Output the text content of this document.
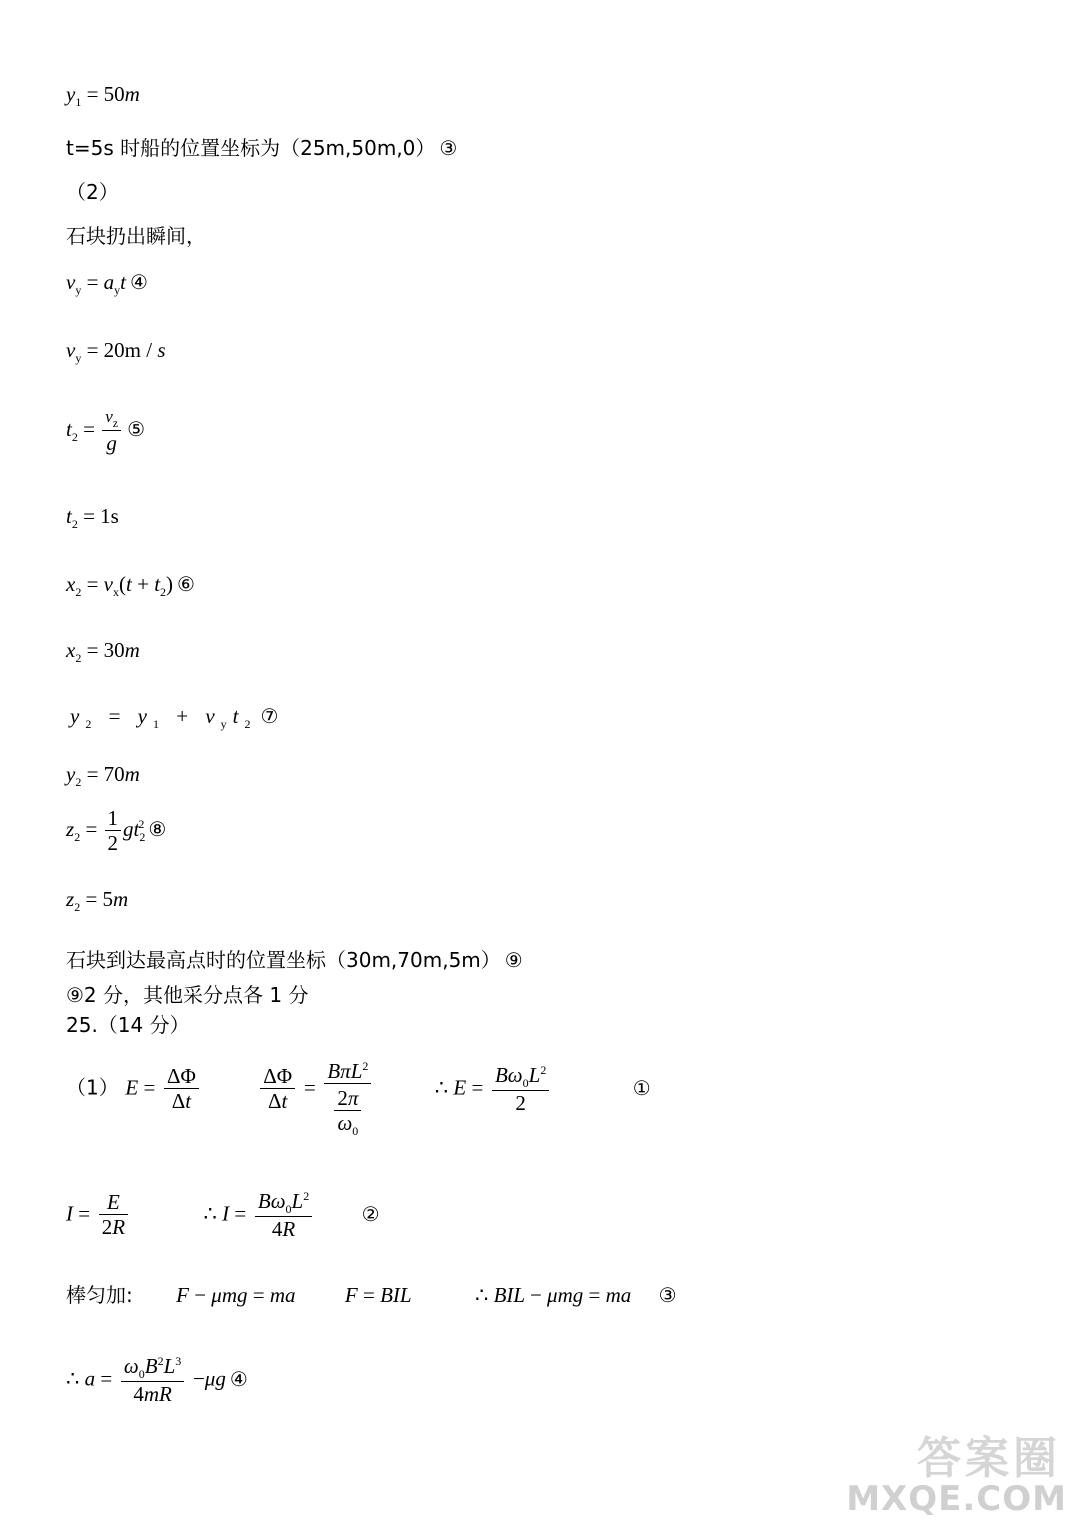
$y_1 = 50m$
t=5s 时船的位置坐标为（25m,50m,0） ③
（2）
石块扔出瞬间，
$v_y = a_yt$ ④
$v_y = 20m / s$
$t_2 = \frac{v_z}{g}$ ⑤
$t_2 = 1s$
$x_2 = v_x(t + t_2)$ ⑥
$x_2 = 30m$
$y_2 = y_1 + v_yt_2$ ⑦
$y_2 = 70m$
$z_2 = \frac{1}{2} gt_2^2$ ⑧
$z_2 = 5m$
石块到达最高点时的位置坐标（30m,70m,5m） ⑨
⑨2 分，其他采分点各 1 分
25.（14 分）
（1） $E = \frac{\Delta\Phi}{\Delta t}$
	$\frac{\Delta\Phi}{\Delta t} = \frac{B\pi L^2}{\frac{2\pi}{\omega_0}}$	∴ $E = \frac{B\omega_0L^2}{2}$	①
$I = \frac{E}{2R}$	∴ $I = \frac{B\omega_0L^2}{4R}$ ②
棒匀加: F − μmg = ma F = BIL	∴ BIL − μmg = ma ③
∴ $a = \frac{\omega_0B^2L^3}{4mR} -\mu g$ ④
答案圈
MXQE.COM
